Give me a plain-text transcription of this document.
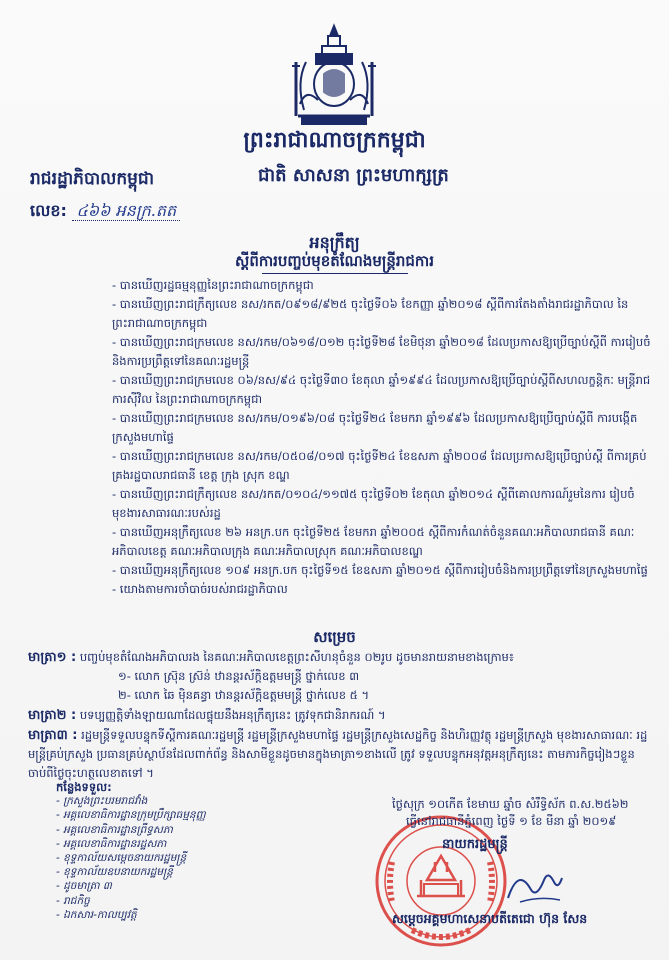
ព្រះរាជាណាចក្រកម្ពុជា
រាជរដ្ឋាភិបាលកម្ពុជា	ជាតិ សាសនា ព្រះមហាក្សត្រ
លេខ: ៤៦៦ អនក្រ.តត
អនុក្រឹត្យ
ស្តីពីការបញ្ចប់មុខតំណែងមន្ត្រីរាជការ
- បានឃើញរដ្ឋធម្មនុញ្ញនៃព្រះរាជាណាចក្រកម្ពុជា
- បានឃើញព្រះរាជក្រឹត្យលេខ នស/រកត/០៩១៨/៩២៥ ចុះថ្ងៃទី០៦ ខែកញ្ញា ឆ្នាំ២០១៨ ស្តីពីការតែងតាំងរាជរដ្ឋាភិបាល នៃព្រះរាជាណាចក្រកម្ពុជា
- បានឃើញព្រះរាជក្រមលេខ នស/រកម/០៦១៨/០១២ ចុះថ្ងៃទី២៨ ខែមិថុនា ឆ្នាំ២០១៨ ដែលប្រកាសឱ្យប្រើច្បាប់ស្តីពី ការរៀបចំ និងការប្រព្រឹត្តទៅនៃគណៈរដ្ឋមន្ត្រី
- បានឃើញព្រះរាជក្រមលេខ ០៦/នស/៩៤ ចុះថ្ងៃទី៣០ ខែតុលា ឆ្នាំ១៩៩៤ ដែលប្រកាសឱ្យប្រើច្បាប់ស្តីពីសហលក្ខន្តិកៈ មន្ត្រីរាជការស៊ីវិល នៃព្រះរាជាណាចក្រកម្ពុជា
- បានឃើញព្រះរាជក្រមលេខ នស/រកម/០១៩៦/០៨ ចុះថ្ងៃទី២៤ ខែមករា ឆ្នាំ១៩៩៦ ដែលប្រកាសឱ្យប្រើច្បាប់ស្តីពី ការបង្កើតក្រសួងមហាផ្ទៃ
- បានឃើញព្រះរាជក្រមលេខ នស/រកម/០៥០៨/០១៧ ចុះថ្ងៃទី២៤ ខែឧសភា ឆ្នាំ២០០៨ ដែលប្រកាសឱ្យប្រើច្បាប់ស្តី ពីការគ្រប់គ្រងរដ្ឋបាលរាជធានី ខេត្ត ក្រុង ស្រុក ខណ្ឌ
- បានឃើញព្រះរាជក្រឹត្យលេខ នស/រកត/០១០៤/១១៧៥ ចុះថ្ងៃទី០២ ខែតុលា ឆ្នាំ២០១៤ ស្តីពីគោលការណ៍រួមនៃការ រៀបចំមុខងារសាធារណៈរបស់រដ្ឋ
- បានឃើញអនុក្រឹត្យលេខ ២៦ អនក្រ.បក ចុះថ្ងៃទី២៥ ខែមករា ឆ្នាំ២០០៥ ស្តីពីការកំណត់ចំនួនគណៈអភិបាលរាជធានី គណៈអភិបាលខេត្ត គណៈអភិបាលក្រុង គណៈអភិបាលស្រុក គណៈអភិបាលខណ្ឌ
- បានឃើញអនុក្រឹត្យលេខ ១០៩ អនក្រ.បក ចុះថ្ងៃទី១៥ ខែឧសភា ឆ្នាំ២០១៥ ស្តីពីការរៀបចំនិងការប្រព្រឹត្តទៅនៃក្រសួងមហាផ្ទៃ
- យោងតាមការចាំបាច់របស់រាជរដ្ឋាភិបាល
សម្រេច
មាត្រា១ : បញ្ចប់មុខតំណែងអភិបាលរង នៃគណៈអភិបាលខេត្តព្រះសីហនុចំនួន ០២រូប ដូចមានរាយនាមខាងក្រោម៖
១- លោក ស្រ៊ុន ស្រ៊ន់ ឋានន្តរស័ក្តិឧត្តមមន្ត្រី ថ្នាក់លេខ ៣
២- លោក ឆៃ ម៉ិនគន្ធា ឋានន្តរស័ក្តិឧត្តមមន្ត្រី ថ្នាក់លេខ ៥ ។
មាត្រា២ : បទប្បញ្ញត្តិទាំងឡាយណាដែលផ្ទុយនឹងអនុក្រឹត្យនេះ ត្រូវទុកជានិរាករណ៍ ។
មាត្រា៣ : រដ្ឋមន្ត្រីទទួលបន្ទុកទីស្តីការគណៈរដ្ឋមន្ត្រី រដ្ឋមន្ត្រីក្រសួងមហាផ្ទៃ រដ្ឋមន្ត្រីក្រសួងសេដ្ឋកិច្ច និងហិរញ្ញវត្ថុ រដ្ឋមន្ត្រីក្រសួង មុខងារសាធារណៈ រដ្ឋមន្ត្រីគ្រប់ក្រសួង ប្រធានគ្រប់ស្ថាប័នដែលពាក់ព័ន្ធ និងសាមីខ្លួនដូចមានក្នុងមាត្រា១ខាងលើ ត្រូវ ទទួលបន្ទុកអនុវត្តអនុក្រឹត្យនេះ តាមភារកិច្ចរៀងៗខ្លួន ចាប់ពីថ្ងៃចុះហត្ថលេខាតទៅ ។
ថ្ងៃសុក្រ ១០កើត ខែមាឃ ឆ្នាំច សំរឹទ្ធិស័ក ព.ស.២៥៦២
ធ្វើនៅរាជធានីភ្នំពេញ ថ្ងៃទី ១ ខែ មីនា ឆ្នាំ ២០១៩
នាយករដ្ឋមន្ត្រី
សម្តេចអគ្គមហាសេនាបតីតេជោ ហ៊ុន សែន
កន្លែងទទួល:
- ក្រសួងព្រះបរមរាជវាំង
- អគ្គលេខាធិការដ្ឋានក្រុមប្រឹក្សាធម្មនុញ្ញ
- អគ្គលេខាធិការដ្ឋានព្រឹទ្ធសភា
- អគ្គលេខាធិការដ្ឋានរដ្ឋសភា
- ខុទ្ទកាល័យសម្តេចនាយករដ្ឋមន្ត្រី
- ខុទ្ទកាល័យឧបនាយករដ្ឋមន្ត្រី
- ដូចមាត្រា ៣
- រាជកិច្ច
- ឯកសារ-កាលប្បវត្តិ
